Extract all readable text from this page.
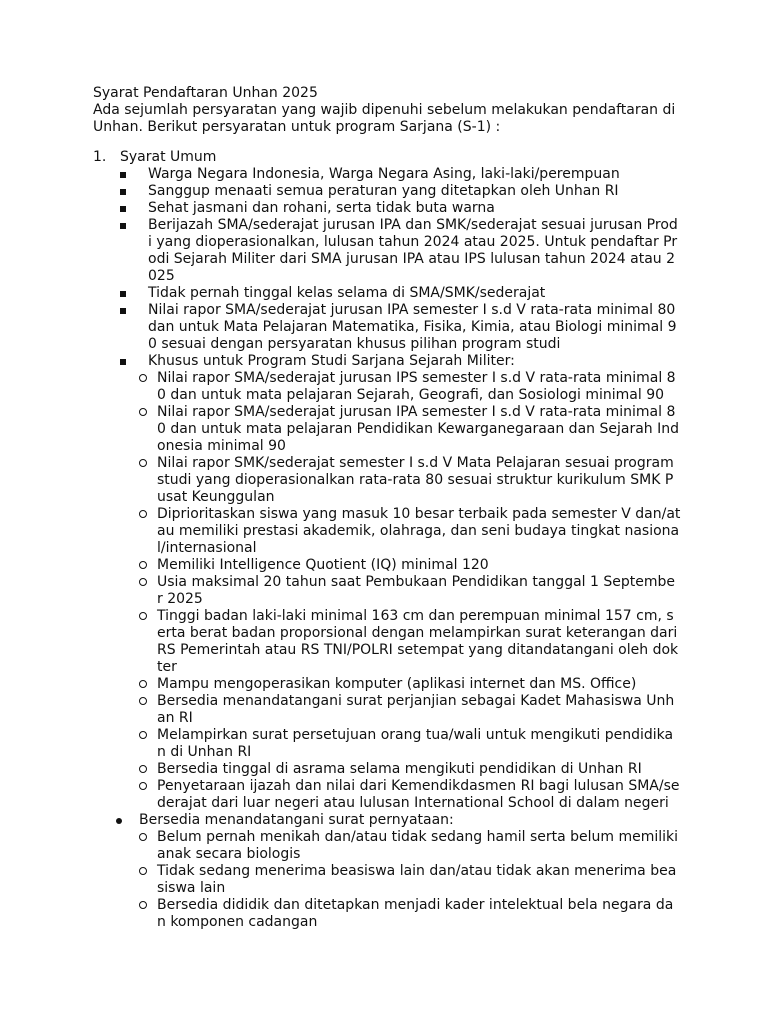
Syarat Pendaftaran Unhan 2025
Ada sejumlah persyaratan yang wajib dipenuhi sebelum melakukan pendaftaran di
Unhan. Berikut persyaratan untuk program Sarjana (S-1) :
1. Syarat Umum
Warga Negara Indonesia, Warga Negara Asing, laki-laki/perempuan
Sanggup menaati semua peraturan yang ditetapkan oleh Unhan RI
Sehat jasmani dan rohani, serta tidak buta warna
Berijazah SMA/sederajat jurusan IPA dan SMK/sederajat sesuai jurusan Prod
i yang dioperasionalkan, lulusan tahun 2024 atau 2025. Untuk pendaftar Pr
odi Sejarah Militer dari SMA jurusan IPA atau IPS lulusan tahun 2024 atau 2
025
Tidak pernah tinggal kelas selama di SMA/SMK/sederajat
Nilai rapor SMA/sederajat jurusan IPA semester I s.d V rata-rata minimal 80
dan untuk Mata Pelajaran Matematika, Fisika, Kimia, atau Biologi minimal 9
0 sesuai dengan persyaratan khusus pilihan program studi
Khusus untuk Program Studi Sarjana Sejarah Militer:
Nilai rapor SMA/sederajat jurusan IPS semester I s.d V rata-rata minimal 8
0 dan untuk mata pelajaran Sejarah, Geografi, dan Sosiologi minimal 90
Nilai rapor SMA/sederajat jurusan IPA semester I s.d V rata-rata minimal 8
0 dan untuk mata pelajaran Pendidikan Kewarganegaraan dan Sejarah Ind
onesia minimal 90
Nilai rapor SMK/sederajat semester I s.d V Mata Pelajaran sesuai program
studi yang dioperasionalkan rata-rata 80 sesuai struktur kurikulum SMK P
usat Keunggulan
Diprioritaskan siswa yang masuk 10 besar terbaik pada semester V dan/at
au memiliki prestasi akademik, olahraga, dan seni budaya tingkat nasiona
l/internasional
Memiliki Intelligence Quotient (IQ) minimal 120
Usia maksimal 20 tahun saat Pembukaan Pendidikan tanggal 1 Septembe
r 2025
Tinggi badan laki-laki minimal 163 cm dan perempuan minimal 157 cm, s
erta berat badan proporsional dengan melampirkan surat keterangan dari
RS Pemerintah atau RS TNI/POLRI setempat yang ditandatangani oleh dok
ter
Mampu mengoperasikan komputer (aplikasi internet dan MS. Office)
Bersedia menandatangani surat perjanjian sebagai Kadet Mahasiswa Unh
an RI
Melampirkan surat persetujuan orang tua/wali untuk mengikuti pendidika
n di Unhan RI
Bersedia tinggal di asrama selama mengikuti pendidikan di Unhan RI
Penyetaraan ijazah dan nilai dari Kemendikdasmen RI bagi lulusan SMA/se
derajat dari luar negeri atau lulusan International School di dalam negeri
Bersedia menandatangani surat pernyataan:
Belum pernah menikah dan/atau tidak sedang hamil serta belum memiliki
anak secara biologis
Tidak sedang menerima beasiswa lain dan/atau tidak akan menerima bea
siswa lain
Bersedia dididik dan ditetapkan menjadi kader intelektual bela negara da
n komponen cadangan
